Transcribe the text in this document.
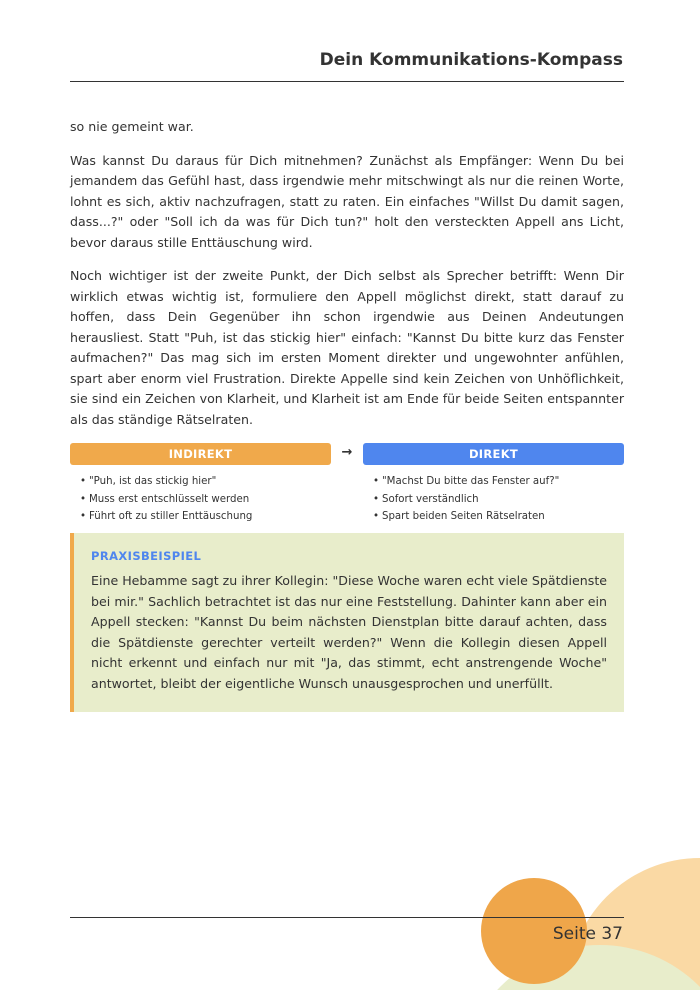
Dein Kommunikations-Kompass

so nie gemeint war.

Was kannst Du daraus für Dich mitnehmen? Zunächst als Empfänger: Wenn Du bei jemandem das Gefühl hast, dass irgendwie mehr mitschwingt als nur die reinen Worte, lohnt es sich, aktiv nachzufragen, statt zu raten. Ein einfaches "Willst Du damit sagen, dass...?" oder "Soll ich da was für Dich tun?" holt den versteckten Appell ans Licht, bevor daraus stille Enttäuschung wird.

Noch wichtiger ist der zweite Punkt, der Dich selbst als Sprecher betrifft: Wenn Dir wirklich etwas wichtig ist, formuliere den Appell möglichst direkt, statt darauf zu hoffen, dass Dein Gegenüber ihn schon irgendwie aus Deinen Andeutungen herausliest. Statt "Puh, ist das stickig hier" einfach: "Kannst Du bitte kurz das Fenster aufmachen?" Das mag sich im ersten Moment direkter und ungewohnter anfühlen, spart aber enorm viel Frustration. Direkte Appelle sind kein Zeichen von Unhöflichkeit, sie sind ein Zeichen von Klarheit, und Klarheit ist am Ende für beide Seiten entspannter als das ständige Rätselraten.

INDIREKT
• "Puh, ist das stickig hier"
• Muss erst entschlüsselt werden
• Führt oft zu stiller Enttäuschung
→	DIREKT
• "Machst Du bitte das Fenster auf?"
• Sofort verständlich
• Spart beiden Seiten Rätselraten
PRAXISBEISPIEL

Eine Hebamme sagt zu ihrer Kollegin: "Diese Woche waren echt viele Spätdienste bei mir." Sachlich betrachtet ist das nur eine Feststellung. Dahinter kann aber ein Appell stecken: "Kannst Du beim nächsten Dienstplan bitte darauf achten, dass die Spätdienste gerechter verteilt werden?" Wenn die Kollegin diesen Appell nicht erkennt und einfach nur mit "Ja, das stimmt, echt anstrengende Woche" antwortet, bleibt der eigentliche Wunsch unausgesprochen und unerfüllt.

Seite 37
